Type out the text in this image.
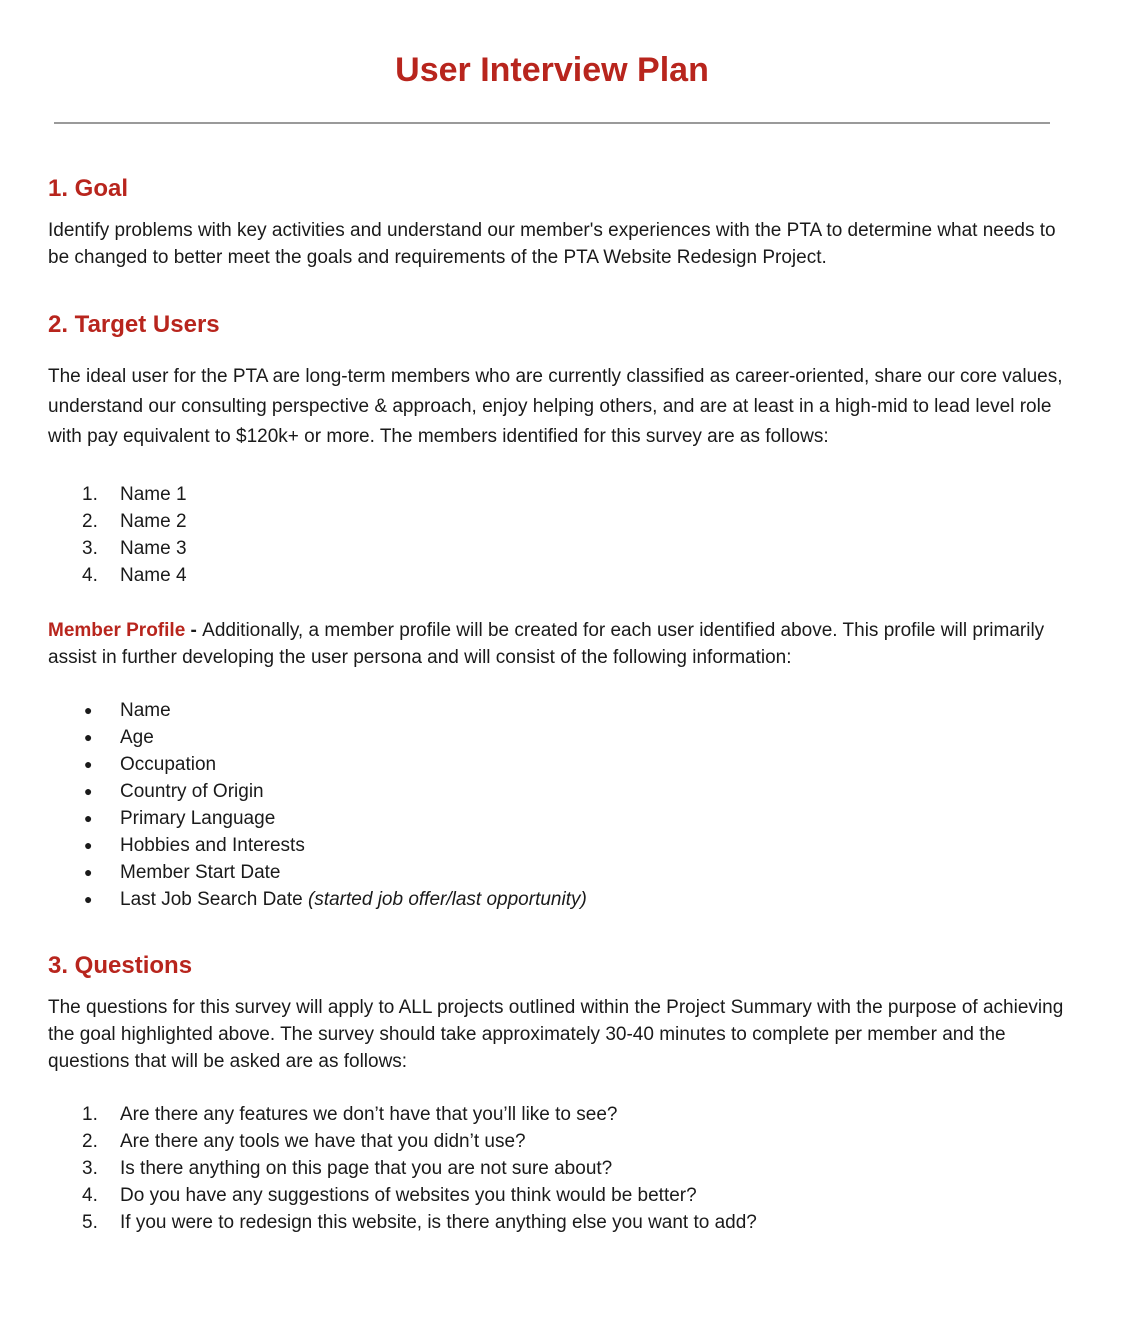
User Interview Plan
1. Goal

Identify problems with key activities and understand our member's experiences with the PTA to determine what needs to be changed to better meet the goals and requirements of the PTA Website Redesign Project.

2. Target Users

The ideal user for the PTA are long-term members who are currently classified as career-oriented, share our core values, understand our consulting perspective & approach, enjoy helping others, and are at least in a high-mid to lead level role with pay equivalent to $120k+ or more. The members identified for this survey are as follows:

1.	Name 1
2.	Name 2
3.	Name 3
4.	Name 4

Member Profile - Additionally, a member profile will be created for each user identified above. This profile will primarily assist in further developing the user persona and will consist of the following information:

●	Name
●	Age
●	Occupation
●	Country of Origin
●	Primary Language
●	Hobbies and Interests
●	Member Start Date
●	Last Job Search Date (started job offer/last opportunity)
3. Questions

The questions for this survey will apply to ALL projects outlined within the Project Summary with the purpose of achieving the goal highlighted above. The survey should take approximately 30-40 minutes to complete per member and the questions that will be asked are as follows:

1.	Are there any features we don’t have that you’ll like to see?
2.	Are there any tools we have that you didn’t use?
3.	Is there anything on this page that you are not sure about?
4.	Do you have any suggestions of websites you think would be better?
5.	If you were to redesign this website, is there anything else you want to add?
